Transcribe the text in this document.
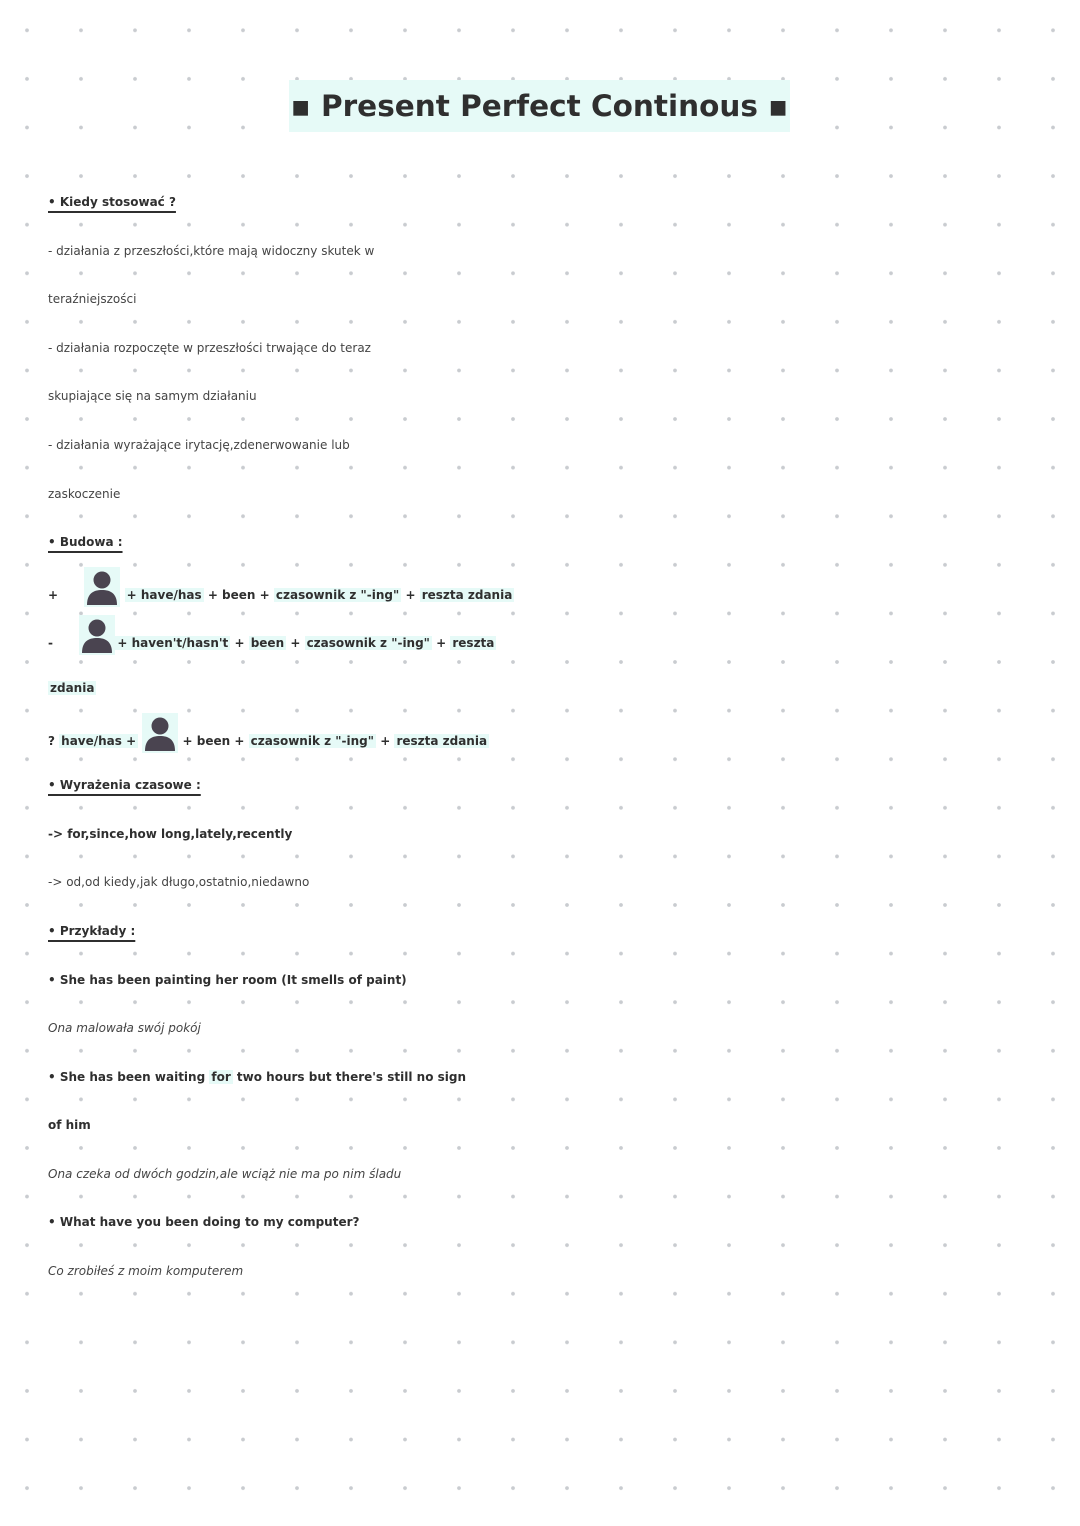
▪ Present Perfect Continous ▪
• Kiedy stosować ?
- działania z przeszłości,które mają widoczny skutek w
teraźniejszości
- działania rozpoczęte w przeszłości trwające do teraz
skupiające się na samym działaniu
- działania wyrażające irytację,zdenerwowanie lub
zaskoczenie
• Budowa :
+	+ have/has + been + czasownik z "-ing" + reszta zdania
-	+ haven't/hasn't + been + czasownik z "-ing" + reszta
zdania
? have/has +	+ been + czasownik z "-ing" + reszta zdania
• Wyrażenia czasowe :
-> for,since,how long,lately,recently
-> od,od kiedy,jak długo,ostatnio,niedawno
• Przykłady :
• She has been painting her room (It smells of paint)
Ona malowała swój pokój
• She has been waiting for two hours but there's still no sign
of him
Ona czeka od dwóch godzin,ale wciąż nie ma po nim śladu
• What have you been doing to my computer?
Co zrobiłeś z moim komputerem
